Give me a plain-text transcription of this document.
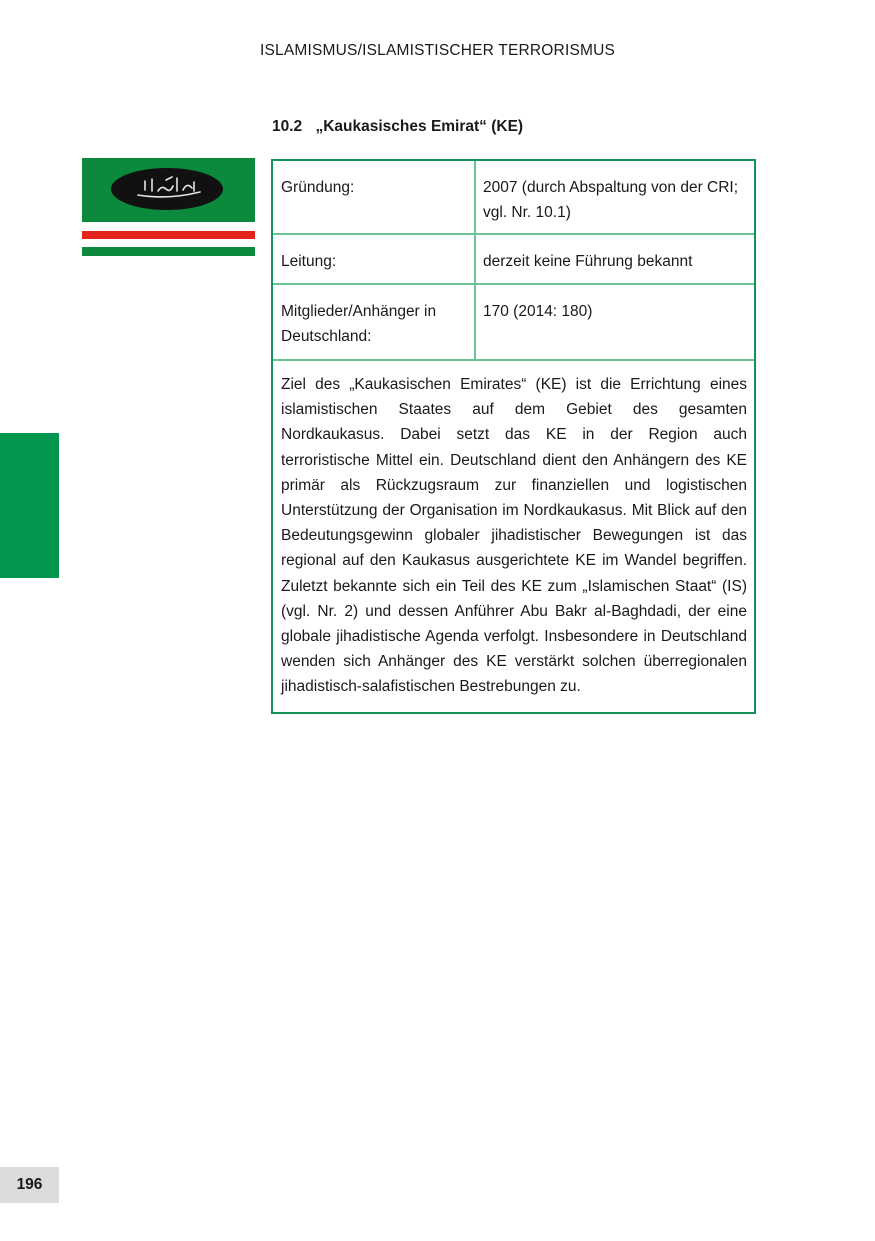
ISLAMISMUS/ISLAMISTISCHER TERRORISMUS
10.2 „Kaukasisches Emirat“ (KE)
Gründung:	2007 (durch Abspaltung von der CRI; vgl. Nr. 10.1)
Leitung:	derzeit keine Führung bekannt
Mitglieder/Anhänger in Deutschland:
170 (2014: 180)
Ziel des „Kaukasischen Emirates“ (KE) ist die Errichtung eines islamistischen Staates auf dem Gebiet des gesamten Nordkaukasus. Dabei setzt das KE in der Region auch terroristische Mittel ein. Deutschland dient den Anhängern des KE primär als Rückzugsraum zur finanziellen und logistischen Unterstützung der Organisation im Nordkaukasus. Mit Blick auf den Bedeutungsgewinn globaler jihadistischer Bewegungen ist das regional auf den Kaukasus ausgerichtete KE im Wandel begriffen. Zuletzt bekannte sich ein Teil des KE zum „Islamischen Staat“ (IS) (vgl. Nr. 2) und dessen Anführer Abu Bakr al-Baghdadi, der eine globale jihadistische Agenda verfolgt. Insbesondere in Deutschland wenden sich Anhänger des KE verstärkt solchen überregionalen jihadistisch-salafistischen Bestrebungen zu.
196
